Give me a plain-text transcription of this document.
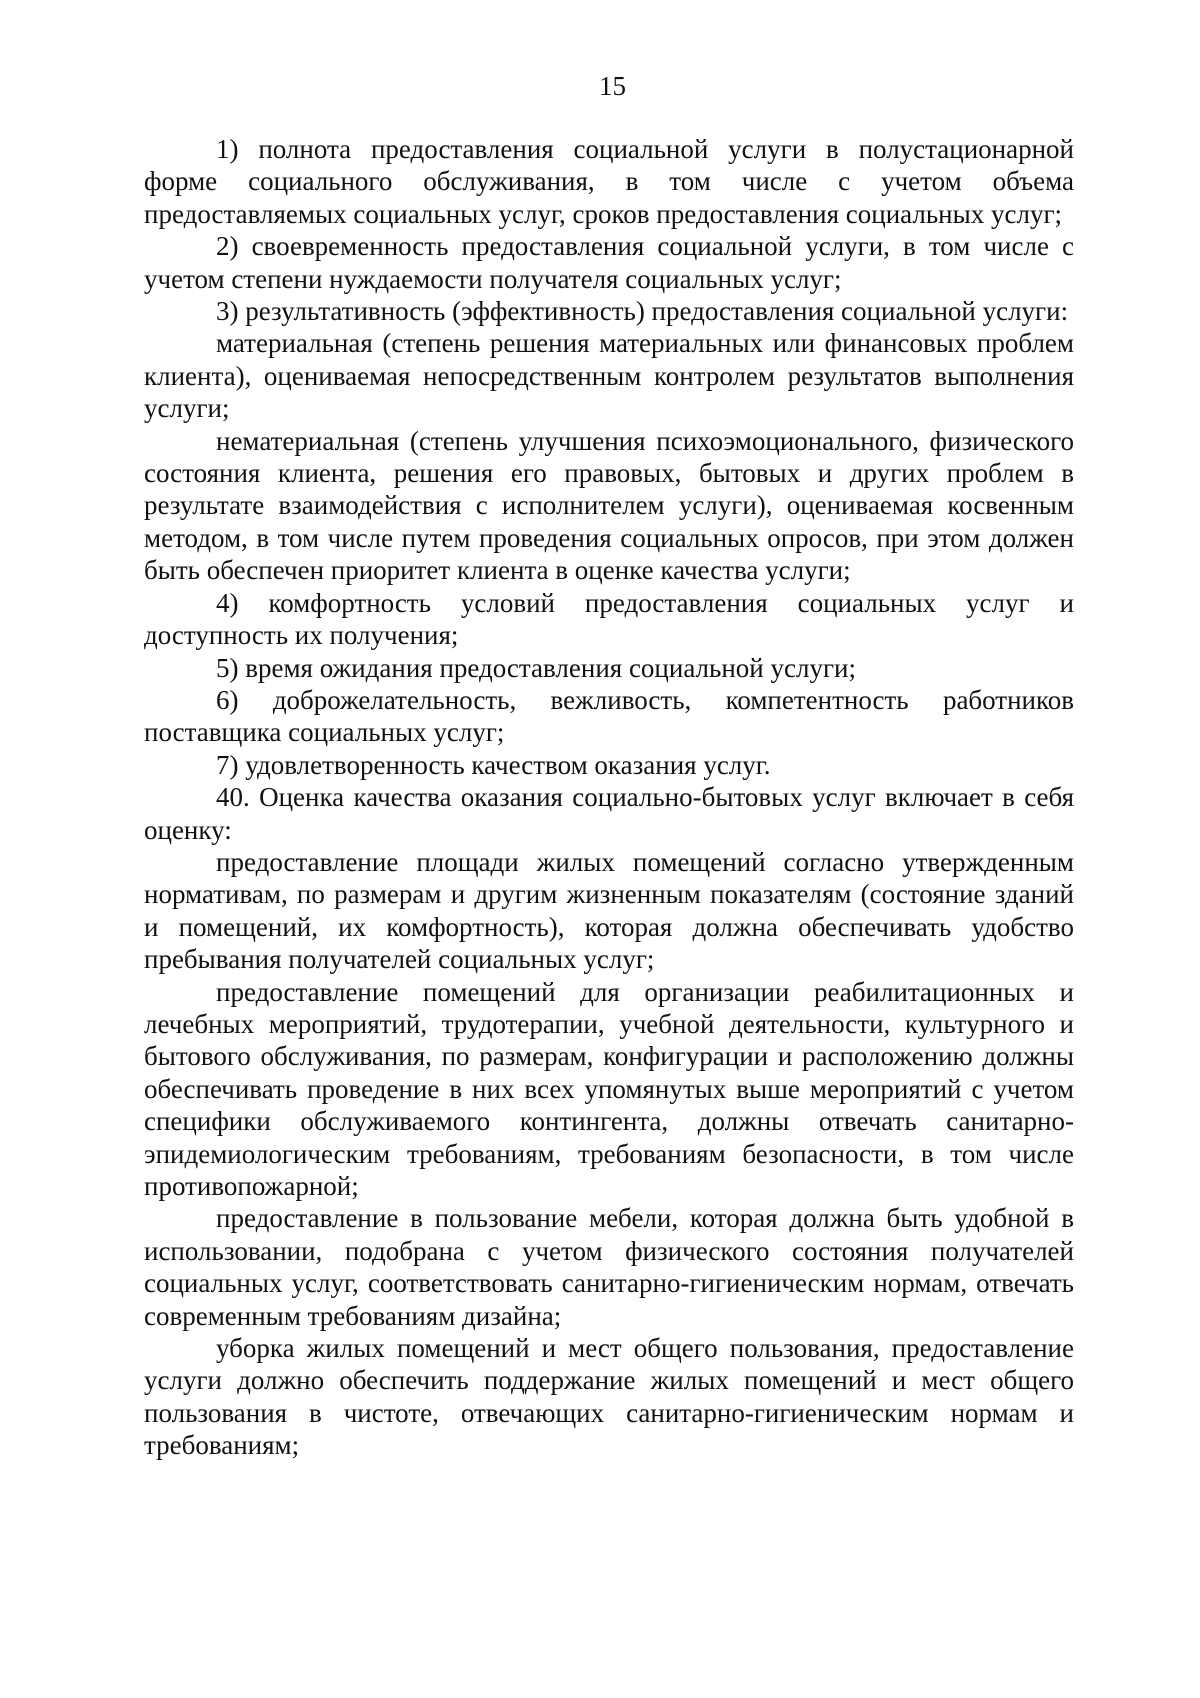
15

1) полнота предоставления социальной услуги в полустационарной форме социального обслуживания, в том числе с учетом объема предоставляемых социальных услуг, сроков предоставления социальных услуг;

2) своевременность предоставления социальной услуги, в том числе с учетом степени нуждаемости получателя социальных услуг;

3) результативность (эффективность) предоставления социальной услуги:

материальная (степень решения материальных или финансовых проблем клиента), оцениваемая непосредственным контролем результатов выполнения услуги;

нематериальная (степень улучшения психоэмоционального, физического состояния клиента, решения его правовых, бытовых и других проблем в результате взаимодействия с исполнителем услуги), оцениваемая косвенным методом, в том числе путем проведения социальных опросов, при этом должен быть обеспечен приоритет клиента в оценке качества услуги;

4) комфортность условий предоставления социальных услуг и доступность их получения;

5) время ожидания предоставления социальной услуги;

6) доброжелательность, вежливость, компетентность работников поставщика социальных услуг;

7) удовлетворенность качеством оказания услуг.

40. Оценка качества оказания социально-бытовых услуг включает в себя оценку:

предоставление площади жилых помещений согласно утвержденным нормативам, по размерам и другим жизненным показателям (состояние зданий и помещений, их комфортность), которая должна обеспечивать удобство пребывания получателей социальных услуг;

предоставление помещений для организации реабилитационных и лечебных мероприятий, трудотерапии, учебной деятельности, культурного и бытового обслуживания, по размерам, конфигурации и расположению должны обеспечивать проведение в них всех упомянутых выше мероприятий с учетом специфики обслуживаемого контингента, должны отвечать санитарно-эпидемиологическим требованиям, требованиям безопасности, в том числе противопожарной;

предоставление в пользование мебели, которая должна быть удобной в использовании, подобрана с учетом физического состояния получателей социальных услуг, соответствовать санитарно-гигиеническим нормам, отвечать современным требованиям дизайна;

уборка жилых помещений и мест общего пользования, предоставление услуги должно обеспечить поддержание жилых помещений и мест общего пользования в чистоте, отвечающих санитарно-гигиеническим нормам и требованиям;
